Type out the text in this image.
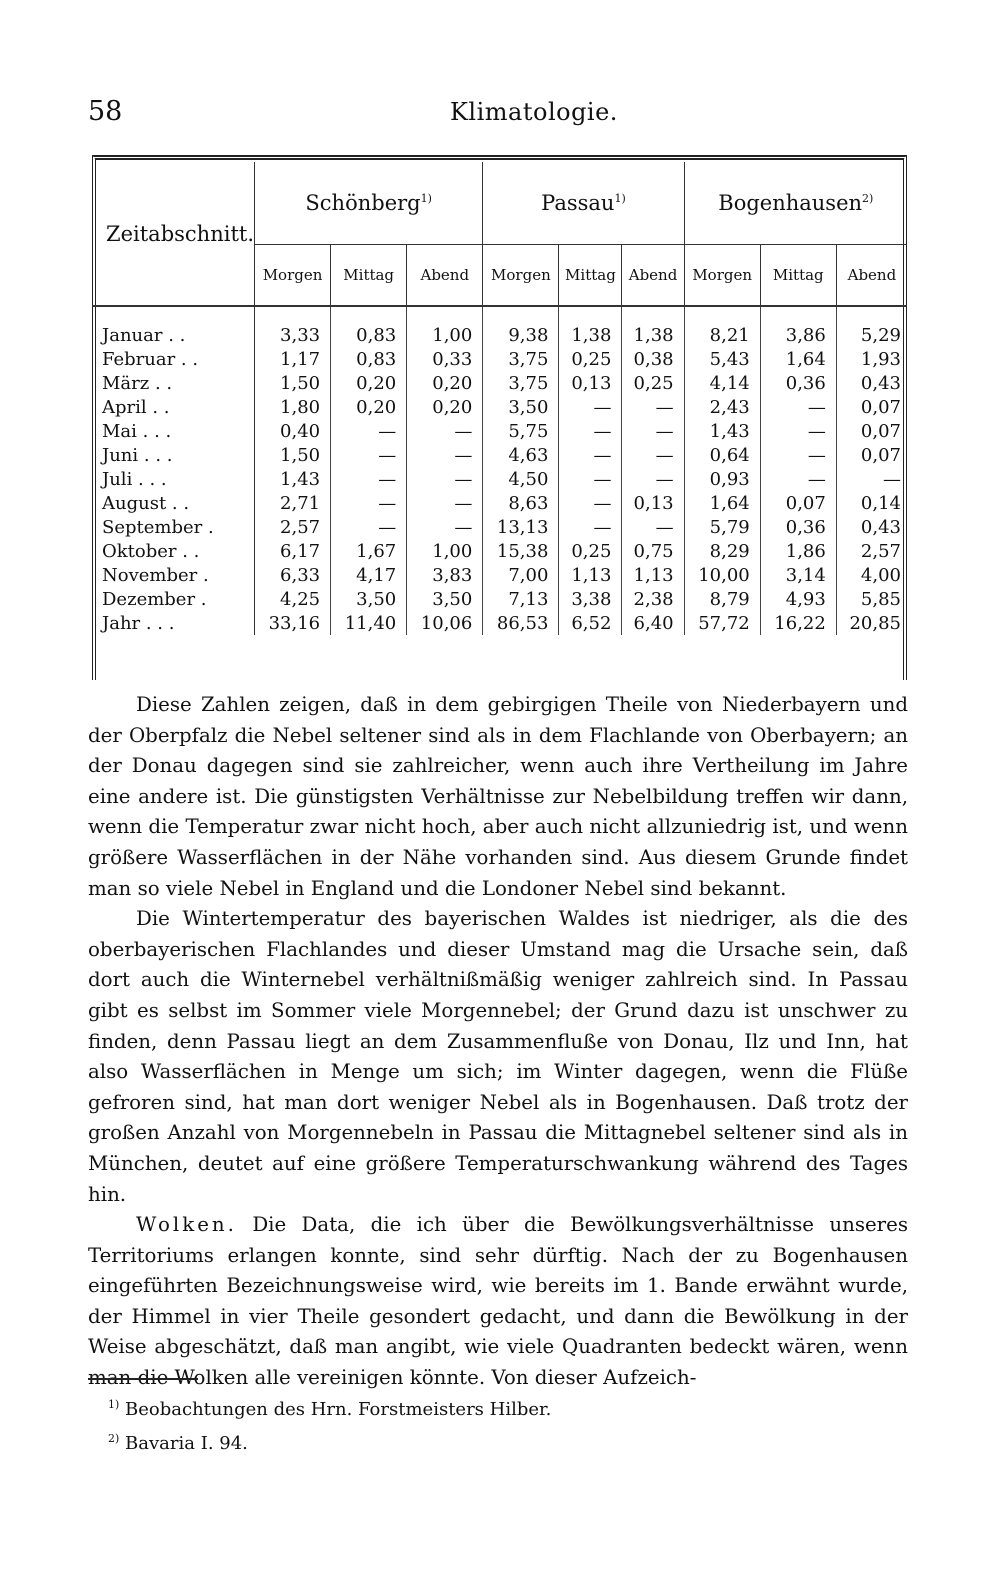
58	Klimatologie.
Zeitabschnitt.	Schönberg$^{1)}$			Passau$^{1)}$			Bogenhausen$^{2)}$
	Morgen	Mittag	Abend	Morgen	Mittag	Abend	Morgen	Mittag	Abend
Januar . .	3,33	0,83	1,00	9,38	1,38	1,38	8,21	3,86	5,29
Februar . .	1,17	0,83	0,33	3,75	0,25	0,38	5,43	1,64	1,93
März . .	1,50	0,20	0,20	3,75	0,13	0,25	4,14	0,36	0,43
April . .	1,80	0,20	0,20	3,50	—	—	2,43	—	0,07
Mai . . .	0,40	—	—	5,75	—	—	1,43	—	0,07
Juni . . .	1,50	—	—	4,63	—	—	0,64	—	0,07
Juli . . .	1,43	—	—	4,50	—	—	0,93	—	—
August . .	2,71	—	—	8,63	—	0,13	1,64	0,07	0,14
September .	2,57	—	—	13,13	—	—	5,79	0,36	0,43
Oktober . .	6,17	1,67	1,00	15,38	0,25	0,75	8,29	1,86	2,57
November .	6,33	4,17	3,83	7,00	1,13	1,13	10,00	3,14	4,00
Dezember .	4,25	3,50	3,50	7,13	3,38	2,38	8,79	4,93	5,85
Jahr . . .	33,16	11,40	10,06	86,53	6,52	6,40	57,72	16,22	20,85

Diese Zahlen zeigen, daß in dem gebirgigen Theile von Niederbayern und der Oberpfalz die Nebel seltener sind als in dem Flachlande von Oberbayern; an der Donau dagegen sind sie zahlreicher, wenn auch ihre Vertheilung im Jahre eine andere ist. Die günstigsten Verhältnisse zur Nebelbildung treffen wir dann, wenn die Temperatur zwar nicht hoch, aber auch nicht allzuniedrig ist, und wenn größere Wasserflächen in der Nähe vorhanden sind. Aus diesem Grunde findet man so viele Nebel in England und die Londoner Nebel sind bekannt.

Die Wintertemperatur des bayerischen Waldes ist niedriger, als die des oberbayerischen Flachlandes und dieser Umstand mag die Ursache sein, daß dort auch die Winternebel verhältnißmäßig weniger zahlreich sind. In Passau gibt es selbst im Sommer viele Morgennebel; der Grund dazu ist unschwer zu finden, denn Passau liegt an dem Zusammenfluße von Donau, Ilz und Inn, hat also Wasserflächen in Menge um sich; im Winter dagegen, wenn die Flüße gefroren sind, hat man dort weniger Nebel als in Bogenhausen. Daß trotz der großen Anzahl von Morgennebeln in Passau die Mittagnebel seltener sind als in München, deutet auf eine größere Temperaturschwankung während des Tages hin.

Wolken. Die Data, die ich über die Bewölkungsverhältnisse unseres Territoriums erlangen konnte, sind sehr dürftig. Nach der zu Bogenhausen eingeführten Bezeichnungsweise wird, wie bereits im 1. Bande erwähnt wurde, der Himmel in vier Theile gesondert gedacht, und dann die Bewölkung in der Weise abgeschätzt, daß man angibt, wie viele Quadranten bedeckt wären, wenn man die Wolken alle vereinigen könnte. Von dieser Aufzeich-

$^{1)}$ Beobachtungen des Hrn. Forstmeisters Hilber.

$^{2)}$ Bavaria I. 94.
